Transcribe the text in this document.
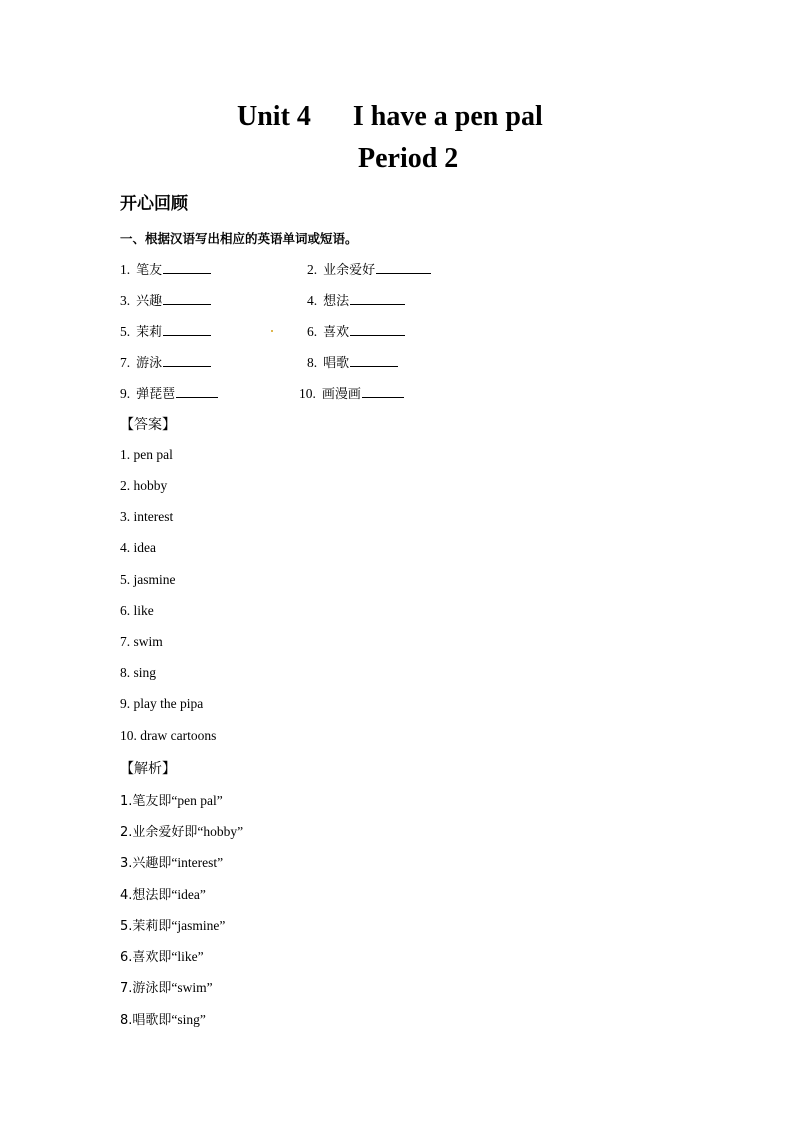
Unit 4      I have a pen pal
Period 2
开心回顾
一、根据汉语写出相应的英语单词或短语。
1. 笔友	2. 业余爱好
3. 兴趣	4. 想法
5. 茉莉	6. 喜欢
7. 游泳	8. 唱歌
9. 弹琵琶	10. 画漫画
【答案】
1. pen pal
2. hobby
3. interest
4. idea
5. jasmine
6. like
7. swim
8. sing
9. play the pipa
10. draw cartoons
【解析】
1.笔友即“pen pal”
2.业余爱好即“hobby”
3.兴趣即“interest”
4.想法即“idea”
5.茉莉即“jasmine”
6.喜欢即“like”
7.游泳即“swim”
8.唱歌即“sing”
